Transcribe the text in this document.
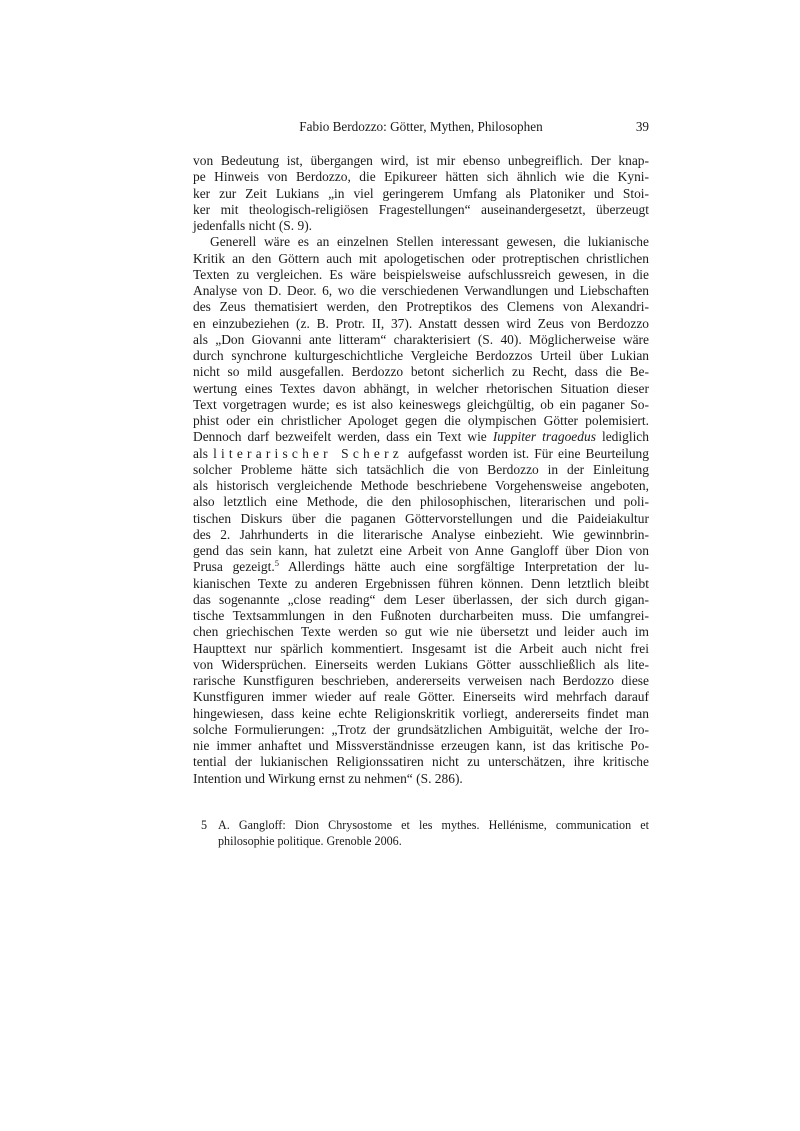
Fabio Berdozzo: Götter, Mythen, Philosophen	39

von Bedeutung ist, übergangen wird, ist mir ebenso unbegreiflich. Der knap-
pe Hinweis von Berdozzo, die Epikureer hätten sich ähnlich wie die Kyni-
ker zur Zeit Lukians „in viel geringerem Umfang als Platoniker und Stoi-
ker mit theologisch-religiösen Fragestellungen“ auseinandergesetzt, überzeugt
jedenfalls nicht (S. 9).

Generell wäre es an einzelnen Stellen interessant gewesen, die lukianische
Kritik an den Göttern auch mit apologetischen oder protreptischen christlichen
Texten zu vergleichen. Es wäre beispielsweise aufschlussreich gewesen, in die
Analyse von D. Deor. 6, wo die verschiedenen Verwandlungen und Liebschaften
des Zeus thematisiert werden, den Protreptikos des Clemens von Alexandri-
en einzubeziehen (z. B. Protr. II, 37). Anstatt dessen wird Zeus von Berdozzo
als „Don Giovanni ante litteram“ charakterisiert (S. 40). Möglicherweise wäre
durch synchrone kulturgeschichtliche Vergleiche Berdozzos Urteil über Lukian
nicht so mild ausgefallen. Berdozzo betont sicherlich zu Recht, dass die Be-
wertung eines Textes davon abhängt, in welcher rhetorischen Situation dieser
Text vorgetragen wurde; es ist also keineswegs gleichgültig, ob ein paganer So-
phist oder ein christlicher Apologet gegen die olympischen Götter polemisiert.
Dennoch darf bezweifelt werden, dass ein Text wie Iuppiter tragoedus lediglich
als literarischer Scherz aufgefasst worden ist. Für eine Beurteilung
solcher Probleme hätte sich tatsächlich die von Berdozzo in der Einleitung
als historisch vergleichende Methode beschriebene Vorgehensweise angeboten,
also letztlich eine Methode, die den philosophischen, literarischen und poli-
tischen Diskurs über die paganen Göttervorstellungen und die Paideiakultur
des 2. Jahrhunderts in die literarische Analyse einbezieht. Wie gewinnbrin-
gend das sein kann, hat zuletzt eine Arbeit von Anne Gangloff über Dion von
Prusa gezeigt.$^5$ Allerdings hätte auch eine sorgfältige Interpretation der lu-
kianischen Texte zu anderen Ergebnissen führen können. Denn letztlich bleibt
das sogenannte „close reading“ dem Leser überlassen, der sich durch gigan-
tische Textsammlungen in den Fußnoten durcharbeiten muss. Die umfangrei-
chen griechischen Texte werden so gut wie nie übersetzt und leider auch im
Haupttext nur spärlich kommentiert. Insgesamt ist die Arbeit auch nicht frei
von Widersprüchen. Einerseits werden Lukians Götter ausschließlich als lite-
rarische Kunstfiguren beschrieben, andererseits verweisen nach Berdozzo diese
Kunstfiguren immer wieder auf reale Götter. Einerseits wird mehrfach darauf
hingewiesen, dass keine echte Religionskritik vorliegt, andererseits findet man
solche Formulierungen: „Trotz der grundsätzlichen Ambiguität, welche der Iro-
nie immer anhaftet und Missverständnisse erzeugen kann, ist das kritische Po-
tential der lukianischen Religionssatiren nicht zu unterschätzen, ihre kritische
Intention und Wirkung ernst zu nehmen“ (S. 286).

5 A. Gangloff: Dion Chrysostome et les mythes. Hellénisme, communication et
philosophie politique. Grenoble 2006.
